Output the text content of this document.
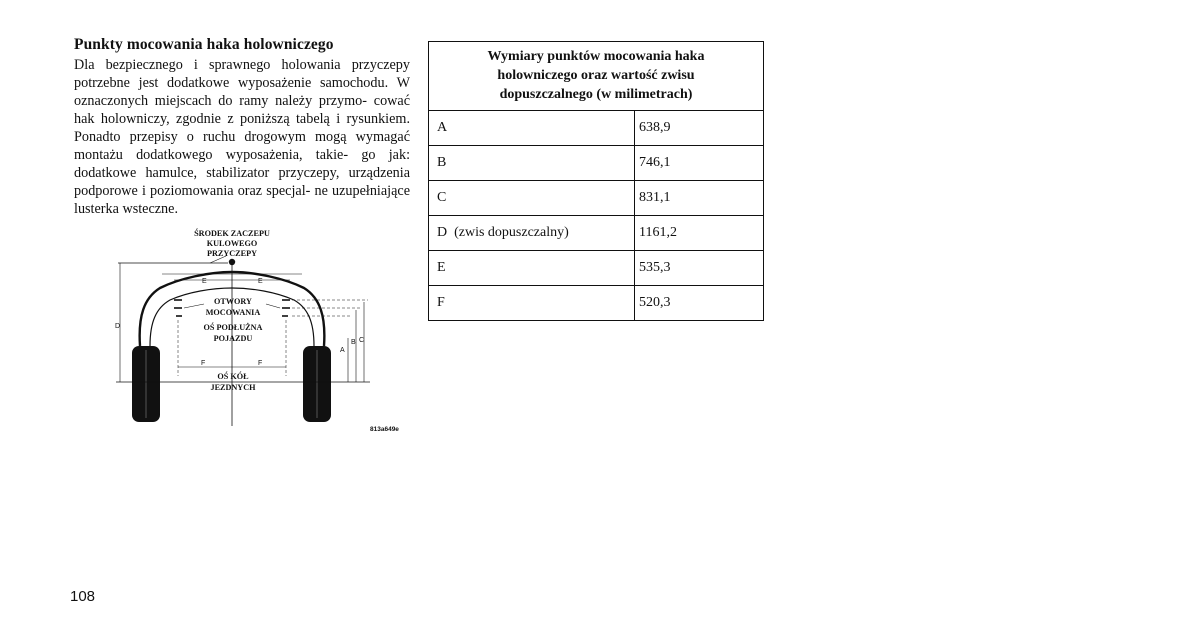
Punkty mocowania haka holowniczego

Dla bezpiecznego i sprawnego holowania przyczepy potrzebne jest dodatkowe wyposażenie samochodu. W oznaczonych miejscach do ramy należy przymo- cować hak holowniczy, zgodnie z poniższą tabelą i rysunkiem. Ponadto przepisy o ruchu drogowym mogą wymagać montażu dodatkowego wyposażenia, takie- go jak: dodatkowe hamulce, stabilizator przyczepy, urządzenia podporowe i poziomowania oraz specjal- ne uzupełniające lusterka wsteczne.

E	E
D
A
B C
F	F
ŚRODEK ZACZEPU
KULOWEGO
PRZYCZEPY
OTWORY
MOCOWANIA
OŚ PODŁUŻNA
POJAZDU
OŚ KÓŁ
JEZDNYCH
813a649e
Wymiary punktów mocowania haka
holowniczego oraz wartość zwisu
dopuszczalnego (w milimetrach)	
A	638,9
B	746,1
C	831,1
D  (zwis dopuszczalny)	1161,2
E	535,3
F	520,3
108
